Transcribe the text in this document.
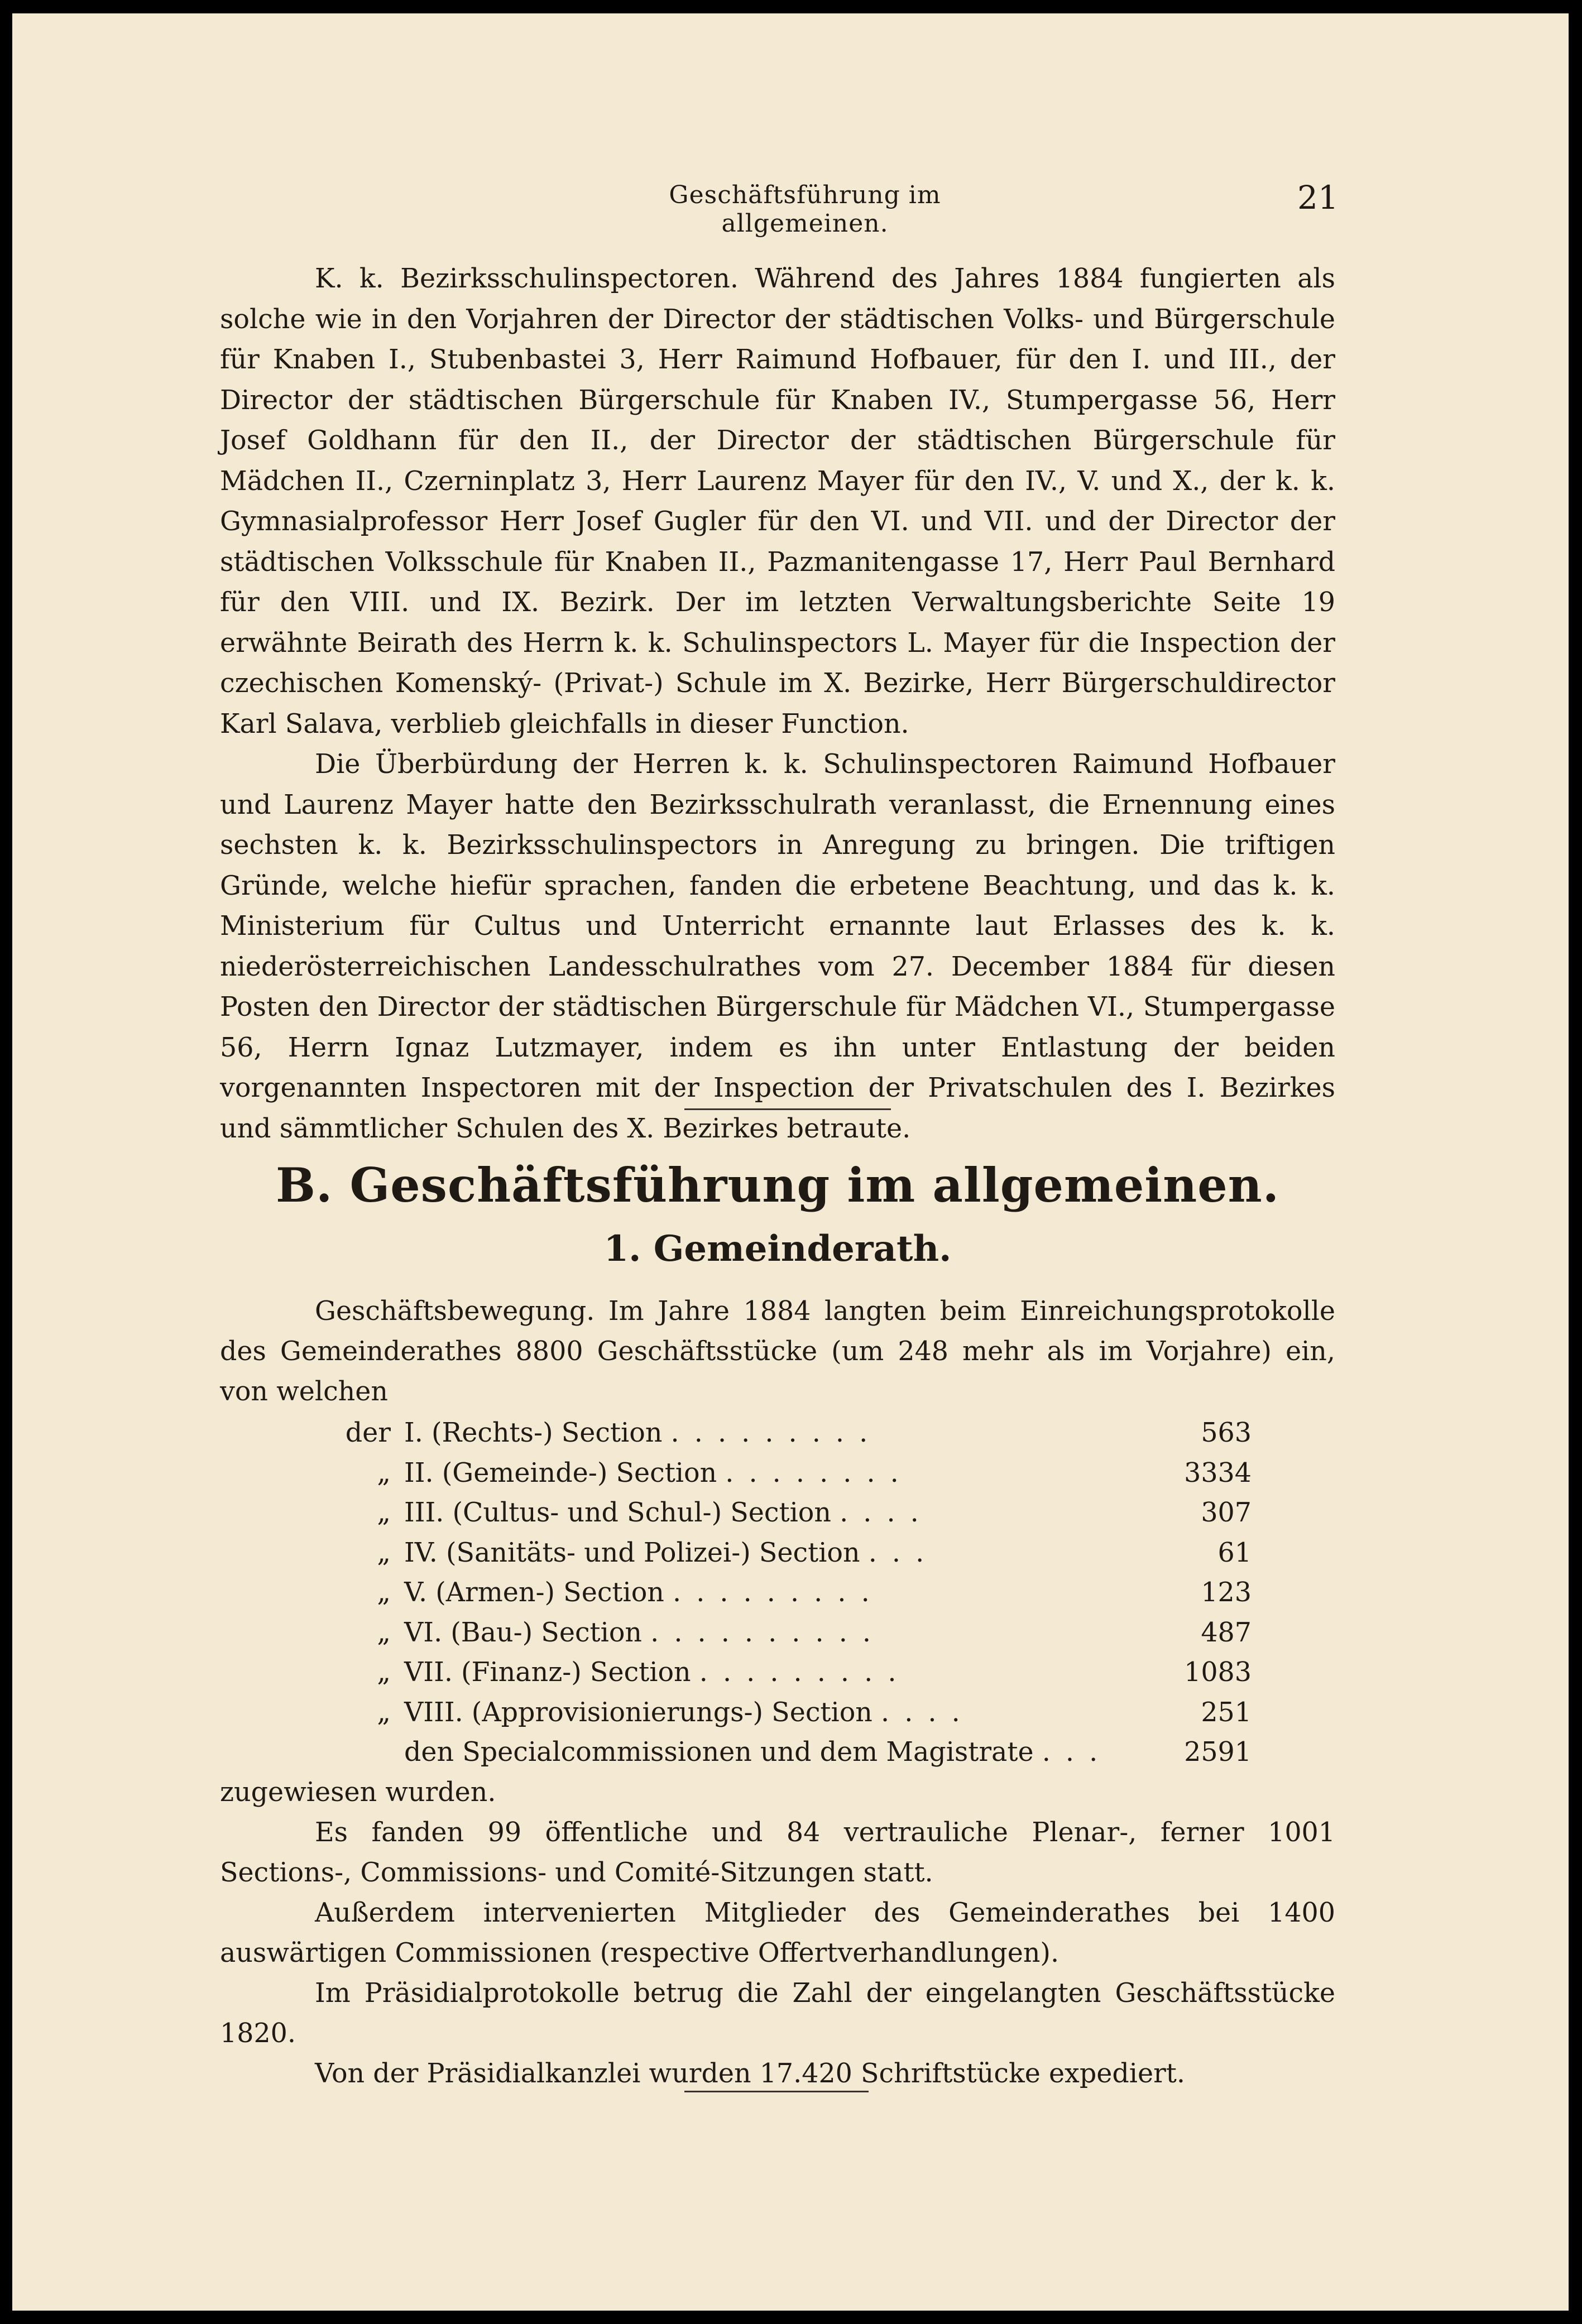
Geschäftsführung im allgemeinen.
21

K. k. Bezirksschulinspectoren. Während des Jahres 1884 fungierten als solche wie in den Vorjahren der Director der städtischen Volks- und Bürgerschule für Knaben I., Stubenbastei 3, Herr Raimund Hofbauer, für den I. und III., der Director der städtischen Bürgerschule für Knaben IV., Stumpergasse 56, Herr Josef Goldhann für den II., der Director der städtischen Bürgerschule für Mädchen II., Czerninplatz 3, Herr Laurenz Mayer für den IV., V. und X., der k. k. Gymnasialprofessor Herr Josef Gugler für den VI. und VII. und der Director der städtischen Volksschule für Knaben II., Pazmanitengasse 17, Herr Paul Bernhard für den VIII. und IX. Bezirk. Der im letzten Verwaltungsberichte Seite 19 erwähnte Beirath des Herrn k. k. Schulinspectors L. Mayer für die Inspection der czechischen Komenský- (Privat-) Schule im X. Bezirke, Herr Bürgerschuldirector Karl Salava, verblieb gleichfalls in dieser Function.

Die Überbürdung der Herren k. k. Schulinspectoren Raimund Hofbauer und Laurenz Mayer hatte den Bezirksschulrath veranlasst, die Ernennung eines sechsten k. k. Bezirksschulinspectors in Anregung zu bringen. Die triftigen Gründe, welche hiefür sprachen, fanden die erbetene Beachtung, und das k. k. Ministerium für Cultus und Unterricht ernannte laut Erlasses des k. k. niederösterreichischen Landesschulrathes vom 27. December 1884 für diesen Posten den Director der städtischen Bürgerschule für Mädchen VI., Stumpergasse 56, Herrn Ignaz Lutzmayer, indem es ihn unter Entlastung der beiden vorgenannten Inspectoren mit der Inspection der Privatschulen des I. Bezirkes und sämmtlicher Schulen des X. Bezirkes betraute.

B. Geschäftsführung im allgemeinen.
1. Gemeinderath.

Geschäftsbewegung. Im Jahre 1884 langten beim Einreichungsprotokolle des Gemeinderathes 8800 Geschäftsstücke (um 248 mehr als im Vorjahre) ein, von welchen

der I. (Rechts-) Section . . . . . . . . .	563
„ II. (Gemeinde-) Section . . . . . . . .	3334
„ III. (Cultus- und Schul-) Section . . . .	307
„ IV. (Sanitäts- und Polizei-) Section . . .	61
„ V. (Armen-) Section . . . . . . . . .	123
„ VI. (Bau-) Section . . . . . . . . . .	487
„ VII. (Finanz-) Section . . . . . . . . .	1083
„ VIII. (Approvisionierungs-) Section . . . .	251
den Specialcommissionen und dem Magistrate . . .	2591

zugewiesen wurden.

Es fanden 99 öffentliche und 84 vertrauliche Plenar-, ferner 1001 Sections-, Commissions- und Comité-Sitzungen statt.

Außerdem intervenierten Mitglieder des Gemeinderathes bei 1400 auswärtigen Commissionen (respective Offertverhandlungen).

Im Präsidialprotokolle betrug die Zahl der eingelangten Geschäftsstücke 1820.

Von der Präsidialkanzlei wurden 17.420 Schriftstücke expediert.
